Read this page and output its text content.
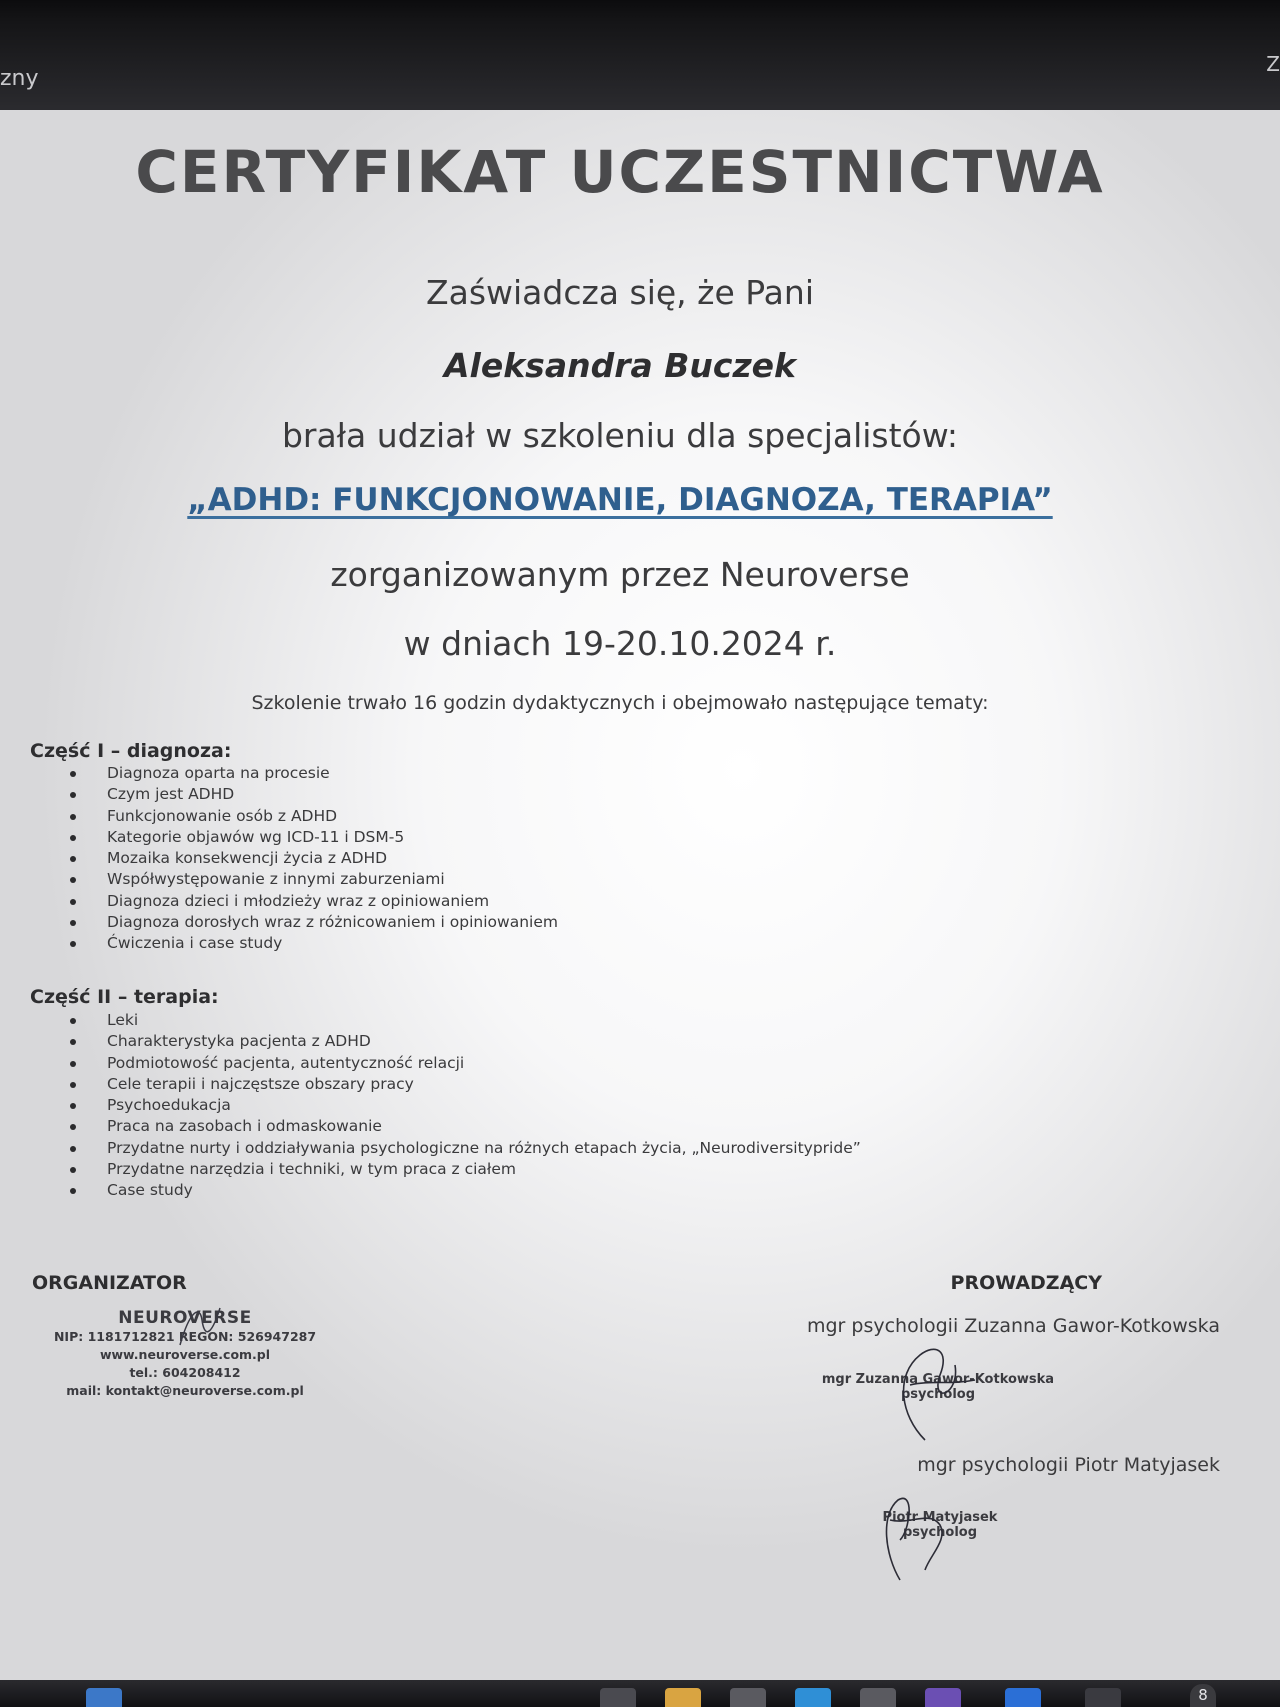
zny
Z
CERTYFIKAT UCZESTNICTWA
Zaświadcza się, że Pani
Aleksandra Buczek
brała udział w szkoleniu dla specjalistów:
„ADHD: FUNKCJONOWANIE, DIAGNOZA, TERAPIA”
zorganizowanym przez Neuroverse
w dniach 19-20.10.2024 r.
Szkolenie trwało 16 godzin dydaktycznych i obejmowało następujące tematy:
Część I – diagnoza:
Diagnoza oparta na procesie
Czym jest ADHD
Funkcjonowanie osób z ADHD
Kategorie objawów wg ICD-11 i DSM-5
Mozaika konsekwencji życia z ADHD
Współwystępowanie z innymi zaburzeniami
Diagnoza dzieci i młodzieży wraz z opiniowaniem
Diagnoza dorosłych wraz z różnicowaniem i opiniowaniem
Ćwiczenia i case study
Część II – terapia:
Leki
Charakterystyka pacjenta z ADHD
Podmiotowość pacjenta, autentyczność relacji
Cele terapii i najczęstsze obszary pracy
Psychoedukacja
Praca na zasobach i odmaskowanie
Przydatne nurty i oddziaływania psychologiczne na różnych etapach życia, „Neurodiversitypride”
Przydatne narzędzia i techniki, w tym praca z ciałem
Case study
ORGANIZATOR
NEUROVERSE
NIP: 1181712821 REGON: 526947287
www.neuroverse.com.pl
tel.: 604208412
mail: kontakt@neuroverse.com.pl
PROWADZĄCY
mgr psychologii Zuzanna Gawor-Kotkowska
mgr Zuzanna Gawor-Kotkowska
psycholog
mgr psychologii Piotr Matyjasek
Piotr Matyjasek
psycholog
8
